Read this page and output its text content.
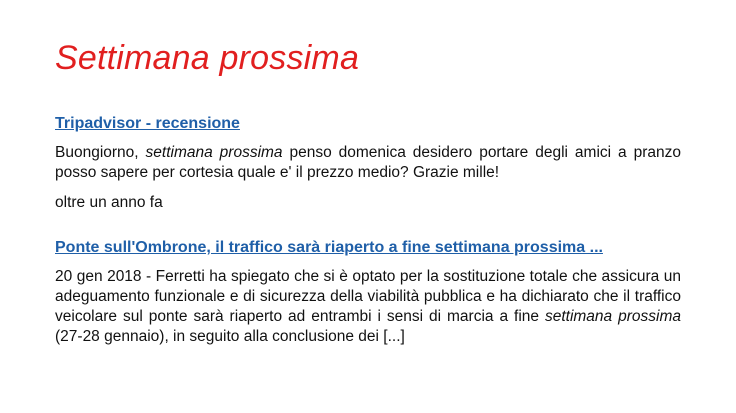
Settimana prossima
Tripadvisor - recensione

Buongiorno, settimana prossima penso domenica desidero portare degli amici a pranzo posso sapere per cortesia quale e' il prezzo medio? Grazie mille!

oltre un anno fa

Ponte sull'Ombrone, il traffico sarà riaperto a fine settimana prossima ...

20 gen 2018 - Ferretti ha spiegato che si è optato per la sostituzione totale che assicura un adeguamento funzionale e di sicurezza della viabilità pubblica e ha dichiarato che il traffico veicolare sul ponte sarà riaperto ad entrambi i sensi di marcia a fine settimana prossima (27-28 gennaio), in seguito alla conclusione dei [...]
